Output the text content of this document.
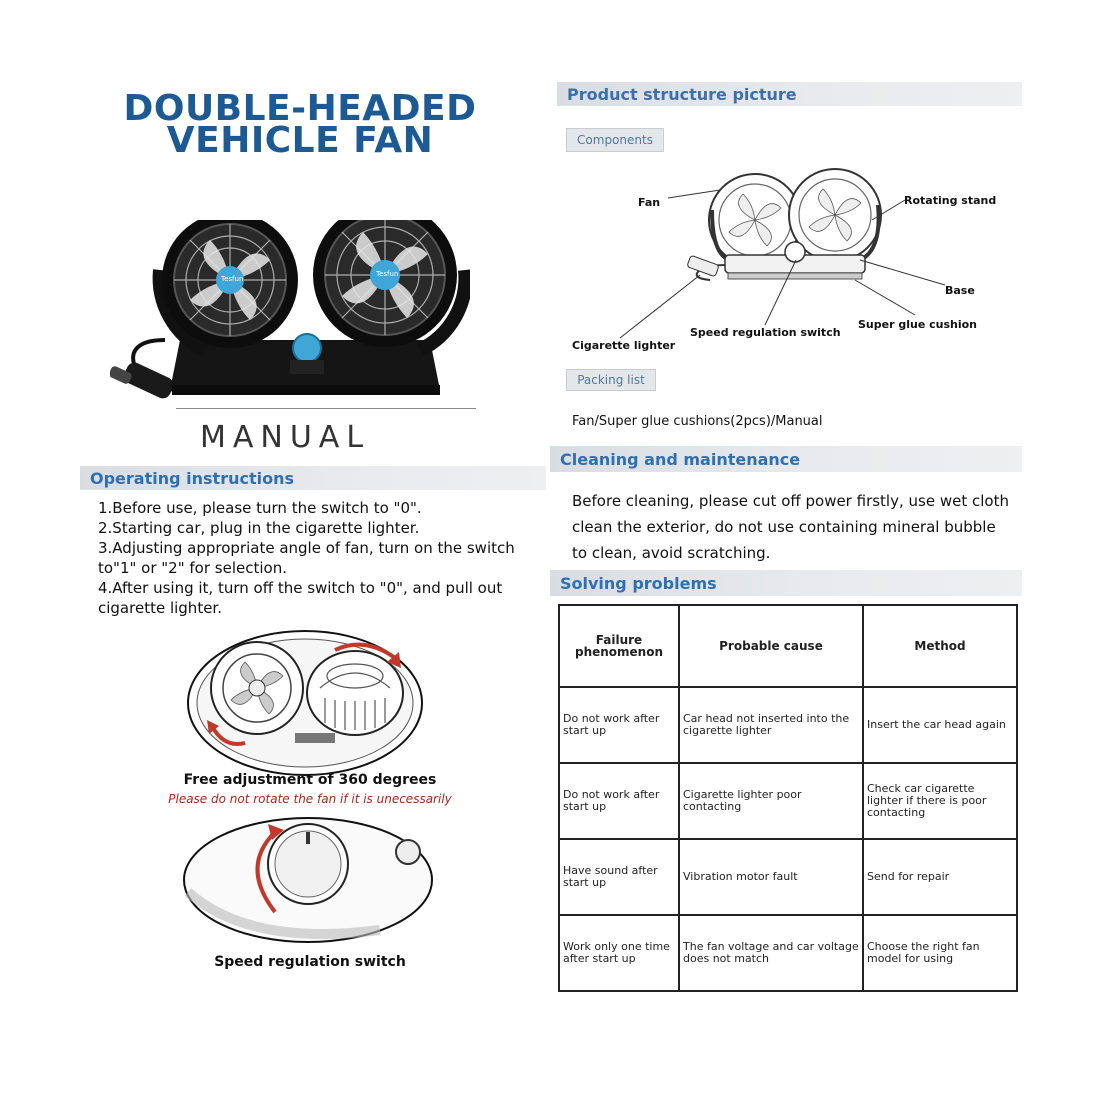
DOUBLE-HEADED
VEHICLE FAN
Tesfun
Tesfun
MANUAL
Operating instructions
1.Before use, please turn the switch to "0".
2.Starting car, plug in the cigarette lighter.
3.Adjusting appropriate angle of fan, turn on the switch to"1" or "2" for selection.
4.After using it, turn off the switch to "0", and pull out cigarette lighter.
Free adjustment of 360 degrees
Please do not rotate the fan if it is unecessarily
Speed regulation switch
Product structure picture
Components
Fan	Rotating stand
Base
Super glue cushion
Speed regulation switch
Cigarette lighter
Packing list
Fan/Super glue cushions(2pcs)/Manual
Cleaning and maintenance
Before cleaning, please cut off power firstly, use wet cloth clean the exterior, do not use containing mineral bubble to clean, avoid scratching.
Solving problems
Failure phenomenon	Probable cause	Method
Do not work after start up	Car head not inserted into the cigarette lighter	Insert the car head again
Do not work after start up	Cigarette lighter poor contacting	Check car cigarette lighter if there is poor contacting
Have sound after start up	Vibration motor fault	Send for repair
Work only one time after start up	The fan voltage and car voltage does not match	Choose the right fan model for using
